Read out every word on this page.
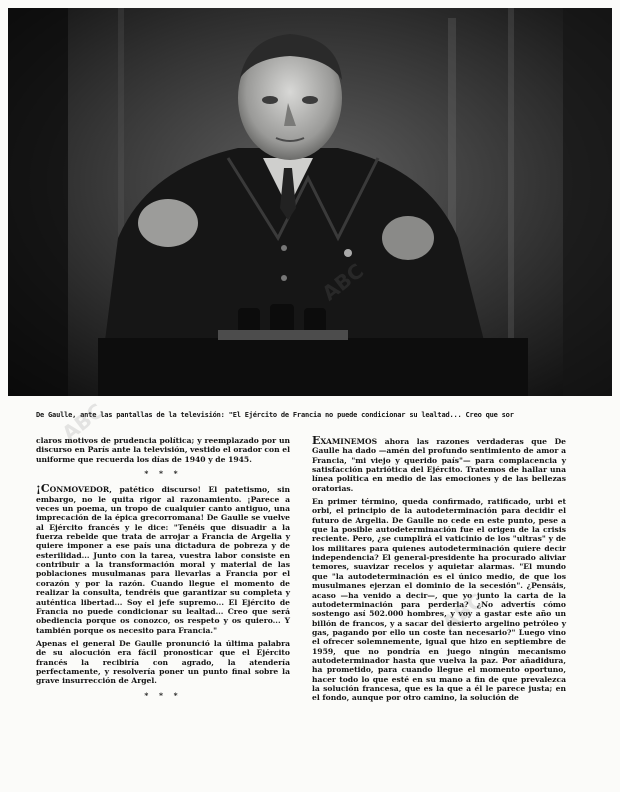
De Gaulle, ante las pantallas de la televisión: "El Ejército de Francia no puede condicionar su lealtad... Creo que sor

claros motivos de prudencia política; y reemplazado por un discurso en París ante la televisión, vestido el orador con el uniforme que recuerda los días de 1940 y de 1945.

* * *

¡CONMOVEDOR, patético discurso! El patetismo, sin embargo, no le quita rigor al razonamiento. ¡Parece a veces un poema, un tropo de cualquier canto antiguo, una imprecación de la épica grecorromana! De Gaulle se vuelve al Ejército francés y le dice: "Tenéis que disuadir a la fuerza rebelde que trata de arrojar a Francia de Argelia y quiere imponer a ese país una dictadura de pobreza y de esterilidad... Junto con la tarea, vuestra labor consiste en contribuir a la transformación moral y material de las poblaciones musulmanas para llevarlas a Francia por el corazón y por la razón. Cuando llegue el momento de realizar la consulta, tendréis que garantizar su completa y auténtica libertad... Soy el jefe supremo... El Ejército de Francia no puede condicionar su lealtad... Creo que será obediencia porque os conozco, os respeto y os quiero... Y también porque os necesito para Francia."

Apenas el general De Gaulle pronunció la última palabra de su alocución era fácil pronosticar que el Ejército francés la recibiría con agrado, la atendería perfectamente, y resolvería poner un punto final sobre la grave insurrección de Argel.

* * *

EXAMINEMOS ahora las razones verdaderas que De Gaulle ha dado —amén del profundo sentimiento de amor a Francia, "mi viejo y querido país"— para complacencia y satisfacción patriótica del Ejército. Tratemos de hallar una línea política en medio de las emociones y de las bellezas oratorias.

En primer término, queda confirmado, ratificado, urbi et orbi, el principio de la autodeterminación para decidir el futuro de Argelia. De Gaulle no cede en este punto, pese a que la posible autodeterminación fue el origen de la crisis reciente. Pero, ¿se cumplirá el vaticinio de los "ultras" y de los militares para quienes autodeterminación quiere decir independencia? El general-presidente ha procurado aliviar temores, suavizar recelos y aquietar alarmas. "El mundo que "la autodeterminación es el único medio, de que los musulmanes ejerzan el dominio de la secesión". ¿Pensáis, acaso —ha venido a decir—, que yo junto la carta de la autodeterminación para perderla? ¿No advertís cómo sostengo así 502.000 hombres, y voy a gastar este año un billón de francos, y a sacar del desierto argelino petróleo y gas, pagando por ello un coste tan necesario?" Luego vino el ofrecer solemnemente, igual que hizo en septiembre de 1959, que no pondría en juego ningún mecanismo autodeterminador hasta que vuelva la paz. Por añadidura, ha prometido, para cuando llegue el momento oportuno, hacer todo lo que esté en su mano a fin de que prevalezca la solución francesa, que es la que a él le parece justa; en el fondo, aunque por otro camino, la solución de

ABC
ABC
